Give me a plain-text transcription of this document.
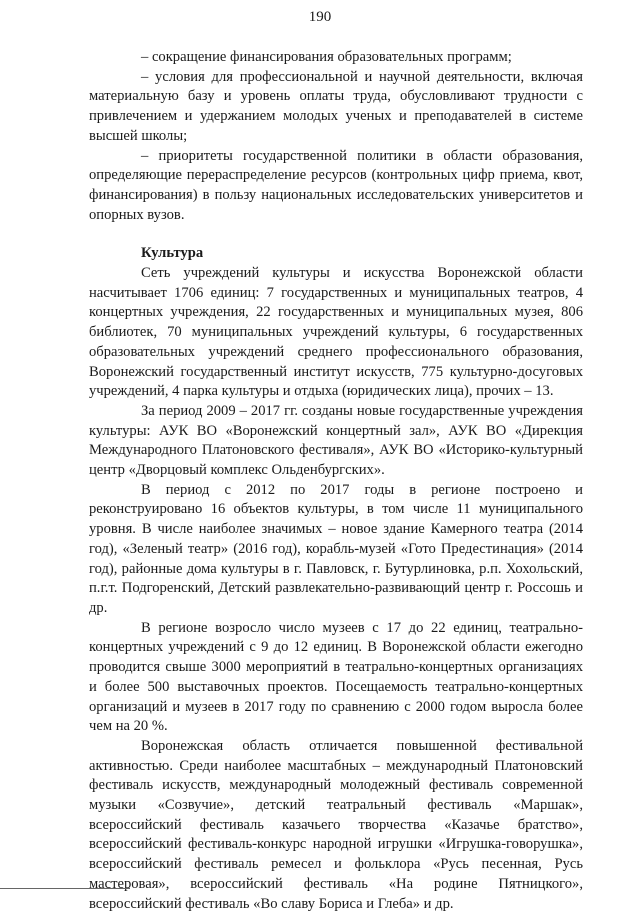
190

– сокращение финансирования образовательных программ;

– условия для профессиональной и научной деятельности, включая материальную базу и уровень оплаты труда, обусловливают трудности с привлечением и удержанием молодых ученых и преподавателей в системе высшей школы;

– приоритеты государственной политики в области образования, определяющие перераспределение ресурсов (контрольных цифр приема, квот, финансирования) в пользу национальных исследовательских университетов и опорных вузов.

Культура

Сеть учреждений культуры и искусства Воронежской области насчитывает 1706 единиц: 7 государственных и муниципальных театров, 4 концертных учреждения, 22 государственных и муниципальных музея, 806 библиотек, 70 муниципальных учреждений культуры, 6 государственных образовательных учреждений среднего профессионального образования, Воронежский государственный институт искусств, 775 культурно-досуговых учреждений, 4 парка культуры и отдыха (юридических лица), прочих – 13.

За период 2009 – 2017 гг. созданы новые государственные учреждения культуры: АУК ВО «Воронежский концертный зал», АУК ВО «Дирекция Международного Платоновского фестиваля», АУК ВО «Историко-культурный центр «Дворцовый комплекс Ольденбургских».

В период с 2012 по 2017 годы в регионе построено и реконструировано 16 объектов культуры, в том числе 11 муниципального уровня. В числе наиболее значимых – новое здание Камерного театра (2014 год), «Зеленый театр» (2016 год), корабль-музей «Гото Предестинация» (2014 год), районные дома культуры в г. Павловск, г. Бутурлиновка, р.п. Хохольский, п.г.т. Подгоренский, Детский развлекательно-развивающий центр г. Россошь и др.

В регионе возросло число музеев с 17 до 22 единиц, театрально-концертных учреждений с 9 до 12 единиц. В Воронежской области ежегодно проводится свыше 3000 мероприятий в театрально-концертных организациях и более 500 выставочных проектов. Посещаемость театрально-концертных организаций и музеев в 2017 году по сравнению с 2000 годом выросла более чем на 20 %.

Воронежская область отличается повышенной фестивальной активностью. Среди наиболее масштабных – международный Платоновский фестиваль искусств, международный молодежный фестиваль современной музыки «Созвучие», детский театральный фестиваль «Маршак», всероссийский фестиваль казачьего творчества «Казачье братство», всероссийский фестиваль-конкурс народной игрушки «Игрушка-говорушка», всероссийский фестиваль ремесел и фольклора «Русь песенная, Русь мастеровая», всероссийский фестиваль «На родине Пятницкого», всероссийский фестиваль «Во славу Бориса и Глеба» и др.
